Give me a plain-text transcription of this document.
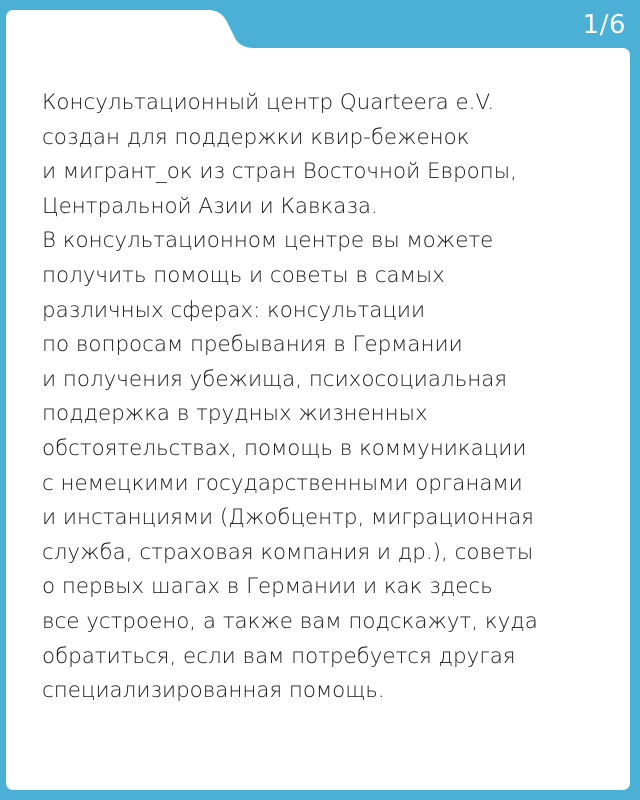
1/6

Консультационный центр Quarteera e.V.
создан для поддержки квир-беженок
и мигрант_ок из стран Восточной Европы,
Центральной Азии и Кавказа.
В консультационном центре вы можете
получить помощь и советы в самых
различных сферах: консультации
по вопросам пребывания в Германии
и получения убежища, психосоциальная
поддержка в трудных жизненных
обстоятельствах, помощь в коммуникации
с немецкими государственными органами
и инстанциями (Джобцентр, миграционная
служба, страховая компания и др.), советы
о первых шагах в Германии и как здесь
все устроено, а также вам подскажут, куда
обратиться, если вам потребуется другая
специализированная помощь.
